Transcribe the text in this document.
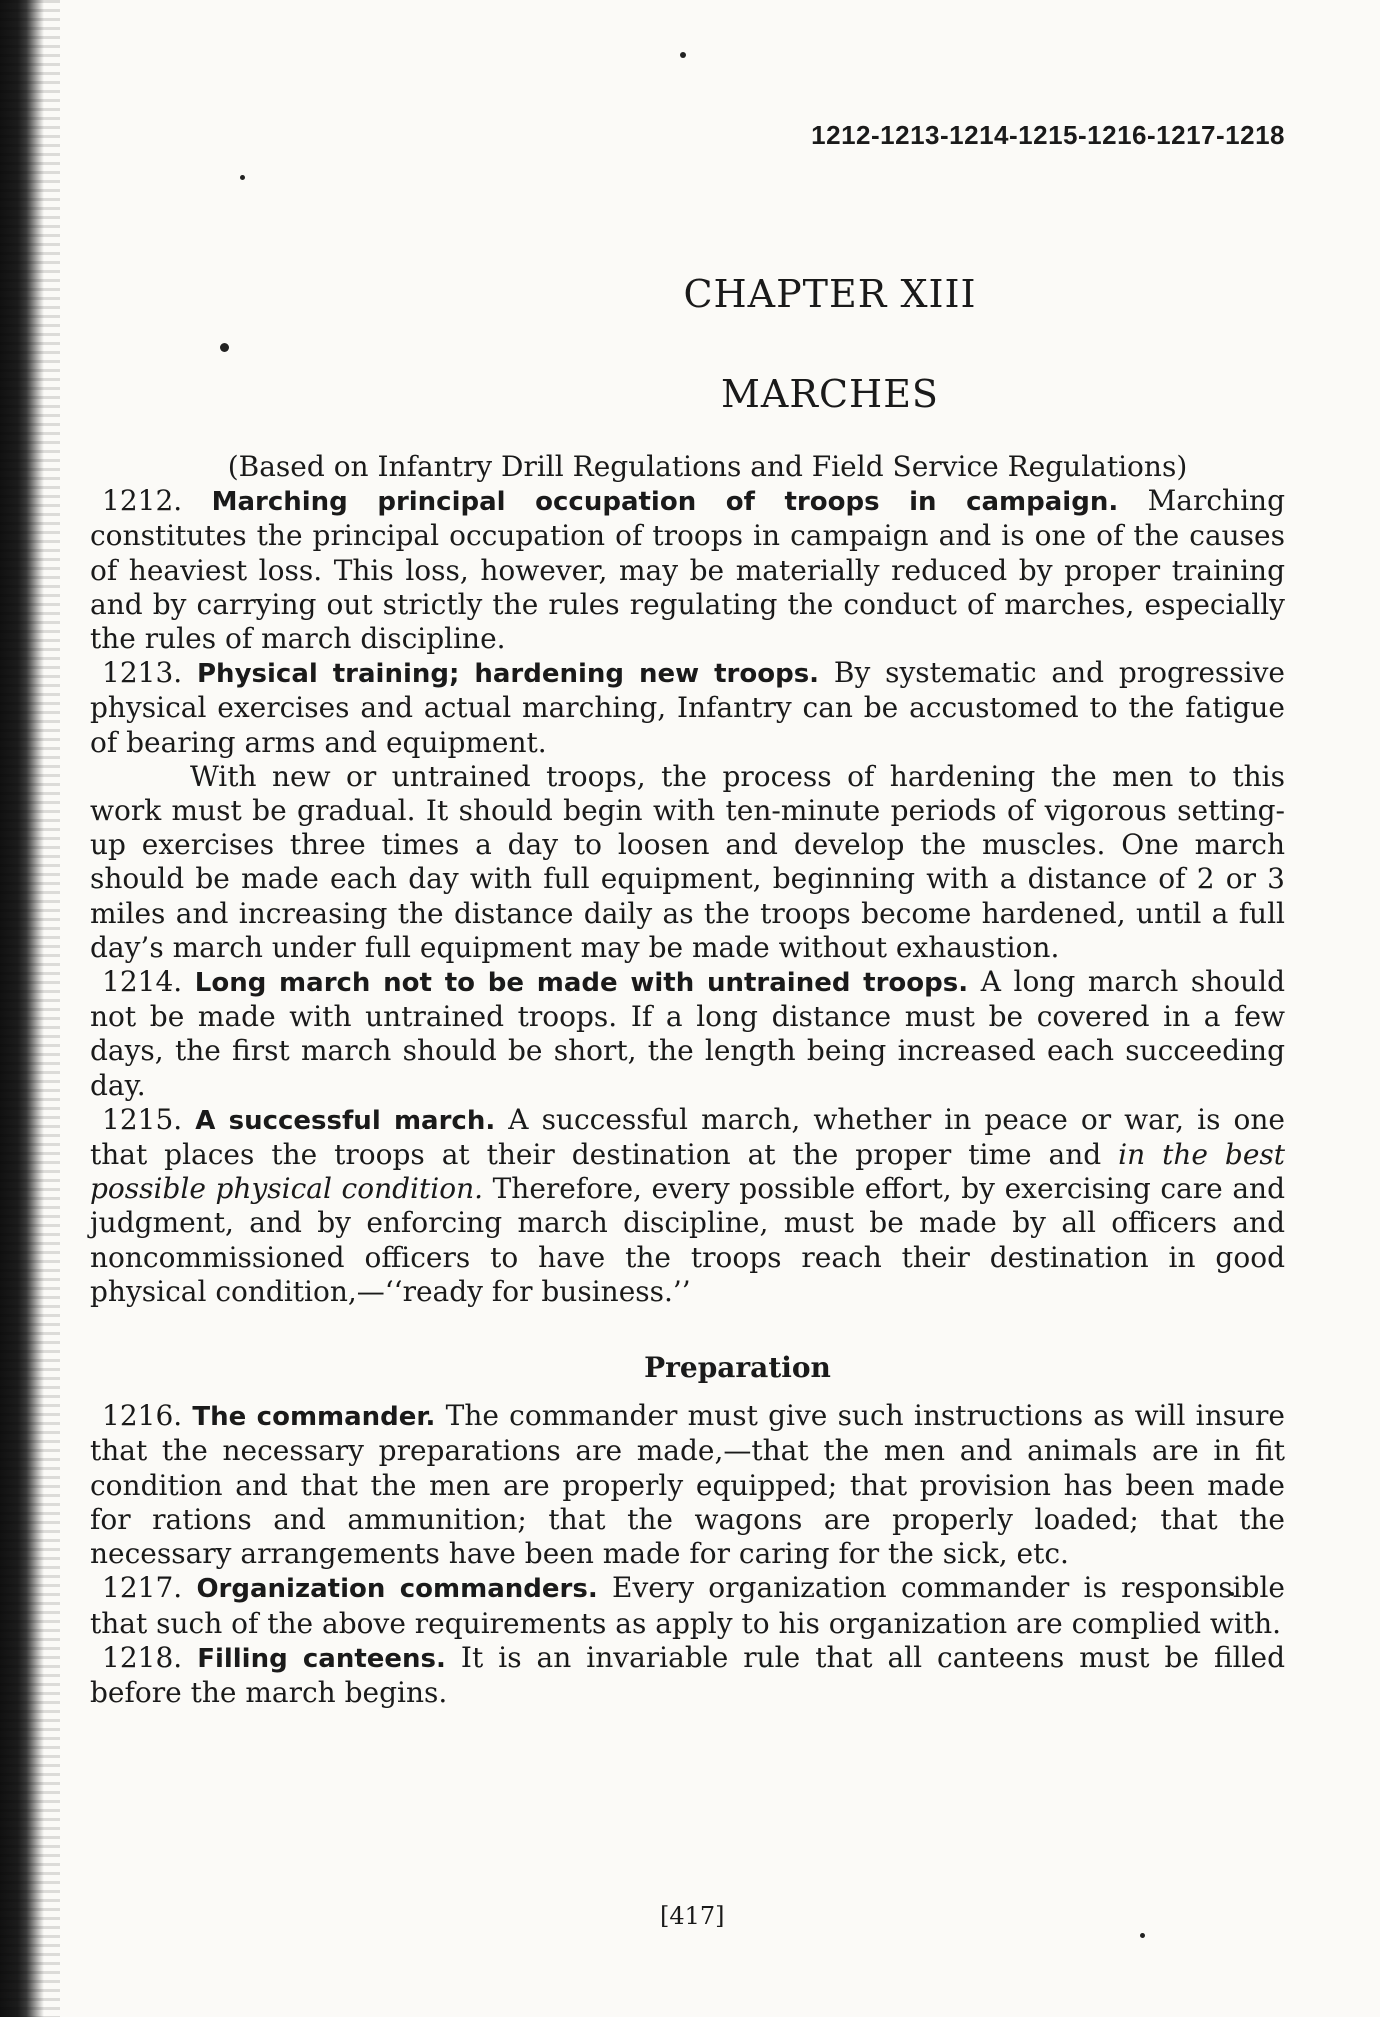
1212-1213-1214-1215-1216-1217-1218
CHAPTER XIII
MARCHES
(Based on Infantry Drill Regulations and Field Service Regulations)

1212. Marching principal occupation of troops in campaign. Marching constitutes the principal occupation of troops in campaign and is one of the causes of heaviest loss. This loss, however, may be materially reduced by proper training and by carrying out strictly the rules regulating the conduct of marches, especially the rules of march discipline.

1213. Physical training; hardening new troops. By systematic and progressive physical exercises and actual marching, Infantry can be accustomed to the fatigue of bearing arms and equipment.

With new or untrained troops, the process of hardening the men to this work must be gradual. It should begin with ten-minute periods of vigorous setting-up exercises three times a day to loosen and develop the muscles. One march should be made each day with full equipment, beginning with a distance of 2 or 3 miles and increasing the distance daily as the troops become hardened, until a full day’s march under full equipment may be made without exhaustion.

1214. Long march not to be made with untrained troops. A long march should not be made with untrained troops. If a long distance must be covered in a few days, the first march should be short, the length being increased each succeeding day.

1215. A successful march. A successful march, whether in peace or war, is one that places the troops at their destination at the proper time and in the best possible physical condition. Therefore, every possible effort, by exercising care and judgment, and by enforcing march discipline, must be made by all officers and noncommissioned officers to have the troops reach their destination in good physical condition,—‘‘ready for business.’’

Preparation

1216. The commander. The commander must give such instructions as will insure that the necessary preparations are made,—that the men and animals are in fit condition and that the men are properly equipped; that provision has been made for rations and ammunition; that the wagons are properly loaded; that the necessary arrangements have been made for caring for the sick, etc.

1217. Organization commanders. Every organization commander is responsible that such of the above requirements as apply to his organization are complied with.

1218. Filling canteens. It is an invariable rule that all canteens must be filled before the march begins.

[417]
